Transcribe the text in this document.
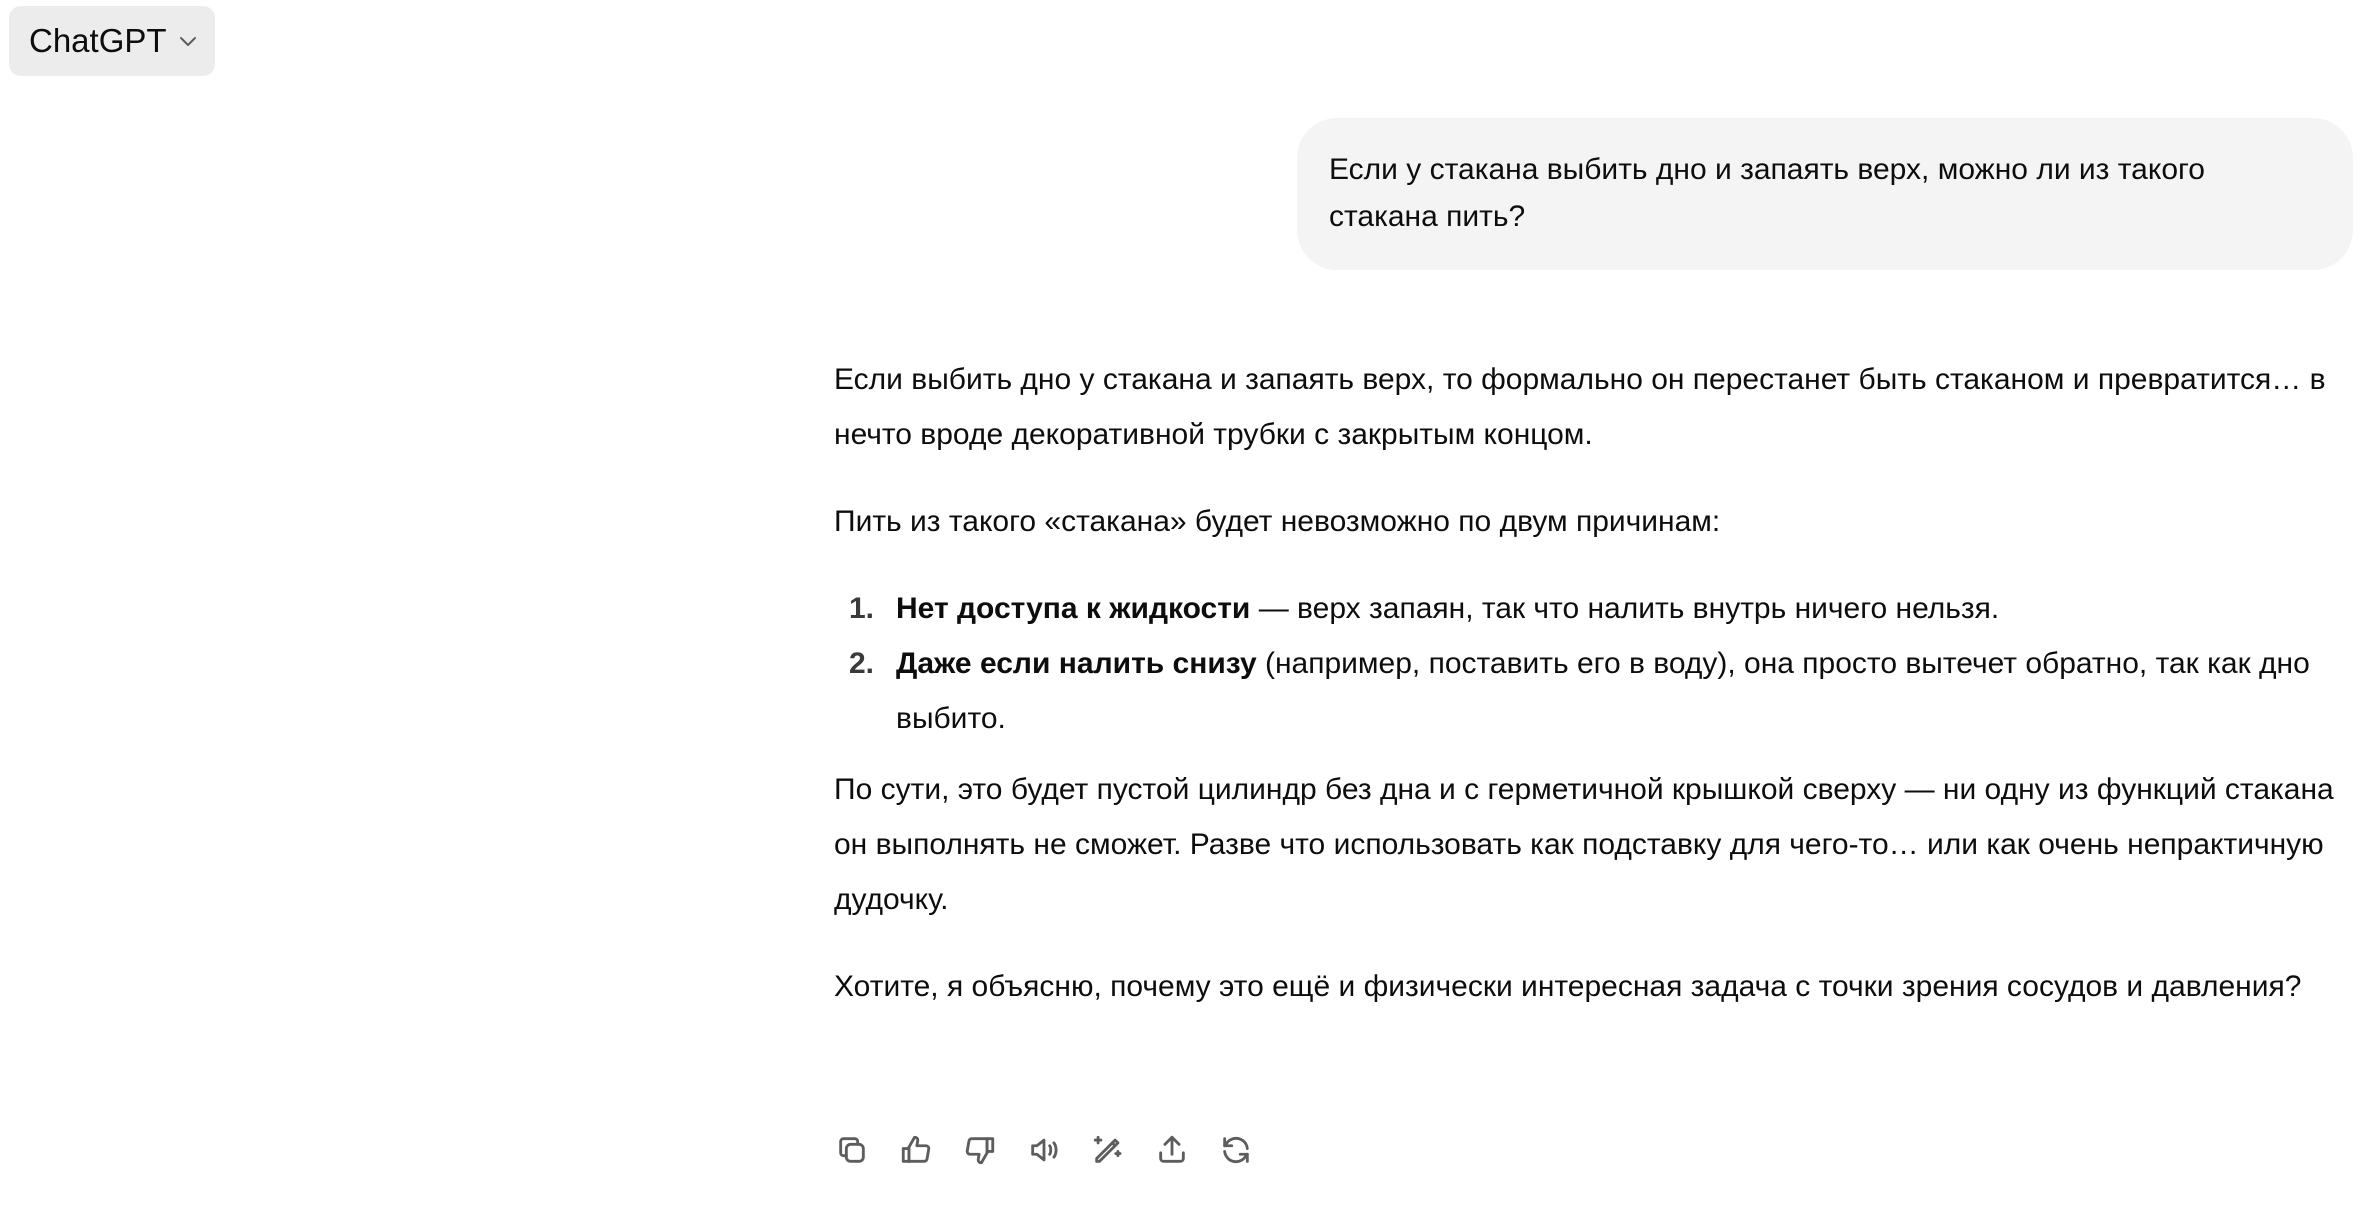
ChatGPT
Если у стакана выбить дно и запаять верх, можно ли из такого стакана пить?

Если выбить дно у стакана и запаять верх, то формально он перестанет быть стаканом и превратится… в нечто вроде декоративной трубки с закрытым концом.

Пить из такого «стакана» будет невозможно по двум причинам:

1. Нет доступа к жидкости — верх запаян, так что налить внутрь ничего нельзя.
2. Даже если налить снизу (например, поставить его в воду), она просто вытечет обратно, так как дно выбито.

По сути, это будет пустой цилиндр без дна и с герметичной крышкой сверху — ни одну из функций стакана он выполнять не сможет. Разве что использовать как подставку для чего-то… или как очень непрактичную дудочку.

Хотите, я объясню, почему это ещё и физически интересная задача с точки зрения сосудов и давления?
